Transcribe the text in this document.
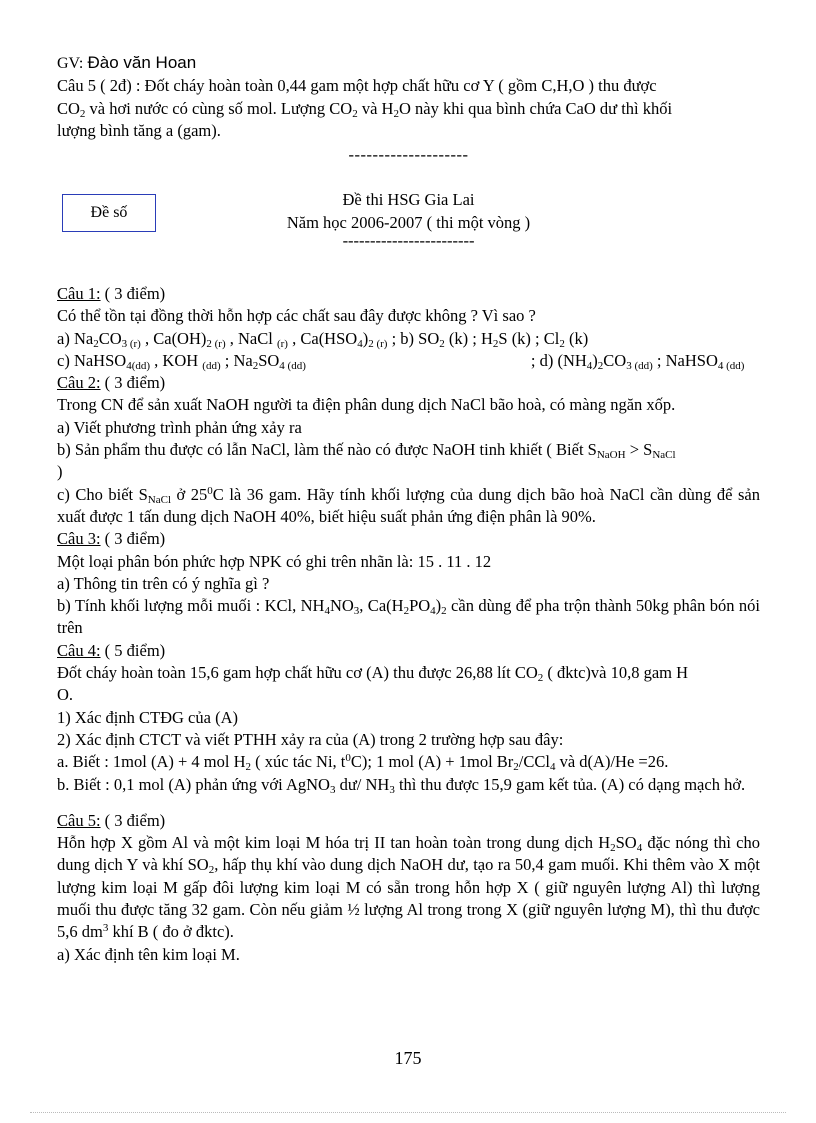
GV: Đào văn Hoan

Câu 5 ( 2đ) : Đốt cháy hoàn toàn 0,44 gam một hợp chất hữu cơ Y ( gồm C,H,O ) thu được
$CO_2$ và hơi nước có cùng số mol. Lượng $CO_2$ và $H_2O$ này khi qua bình chứa CaO dư thì khối
lượng bình tăng a (gam).

--------------------

Đề thi HSG Gia Lai

Năm học 2006-2007 ( thi một vòng )

------------------------

Đề số

Câu 1: ( 3 điểm)

Có thể tồn tại đồng thời hỗn hợp các chất sau đây được không ? Vì sao ?

a) $Na_2CO_{3 (r)}$ , $Ca(OH)_{2 (r)}$ , NaCl $_{(r)}$ , $Ca(HSO_4)_{2 (r)}$ ; b) $SO_2$ (k) ; $H_2S$ (k) ; $Cl_2$ (k)

c) NaHSO$_{4(dd)}$ , KOH $_{(dd)}$ ; $Na_2SO_{4 (dd)}$	; d) $(NH_4)_2CO_{3 (dd)}$ ; NaHSO$_{4 (dd)}$

Câu 2: ( 3 điểm)

Trong CN để sản xuất NaOH người ta điện phân dung dịch NaCl bão hoà, có màng ngăn xốp.

a) Viết phương trình phản ứng xảy ra

b) Sản phẩm thu được có lẫn NaCl, làm thế nào có được NaOH tinh khiết ( Biết $S_{NaOH} > S_{NaCl}$
)

c) Cho biết $S_{NaCl}$ ở $25^0C$ là 36 gam. Hãy tính khối lượng của dung dịch bão hoà NaCl cần dùng để sản xuất được 1 tấn dung dịch NaOH 40%, biết hiệu suất phản ứng điện phân là 90%.

Câu 3: ( 3 điểm)

Một loại phân bón phức hợp NPK có ghi trên nhãn là: 15 . 11 . 12

a) Thông tin trên có ý nghĩa gì ?

b) Tính khối lượng mỗi muối : KCl, $NH_4NO_3$, $Ca(H_2PO_4)_2$ cần dùng để pha trộn thành 50kg phân bón nói trên

Câu 4: ( 5 điểm)

Đốt cháy hoàn toàn 15,6 gam hợp chất hữu cơ (A) thu được 26,88 lít $CO_2$ ( đktc)và 10,8 gam H
O.

1) Xác định CTĐG của (A)

2) Xác định CTCT và viết PTHH xảy ra của (A) trong 2 trường hợp sau đây:

a. Biết : 1mol (A) + 4 mol $H_2$ ( xúc tác Ni, $t^0C$); 1 mol (A) + 1mol $Br_2/CCl_4$ và d(A)/He =26.

b. Biết : 0,1 mol (A) phản ứng với AgNO$_3$ dư/ $NH_3$ thì thu được 15,9 gam kết tủa. (A) có dạng mạch hở.

Câu 5: ( 3 điểm)

Hỗn hợp X gồm Al và một kim loại M hóa trị II tan hoàn toàn trong dung dịch $H_2SO_4$ đặc nóng thì cho dung dịch Y và khí $SO_2$, hấp thụ khí vào dung dịch NaOH dư, tạo ra 50,4 gam muối. Khi thêm vào X một lượng kim loại M gấp đôi lượng kim loại M có sẵn trong hỗn hợp X ( giữ nguyên lượng Al) thì lượng muối thu được tăng 32 gam. Còn nếu giảm ½ lượng Al trong trong X (giữ nguyên lượng M), thì thu được 5,6 $dm^3$ khí B ( đo ở đktc).

a) Xác định tên kim loại M.

175
